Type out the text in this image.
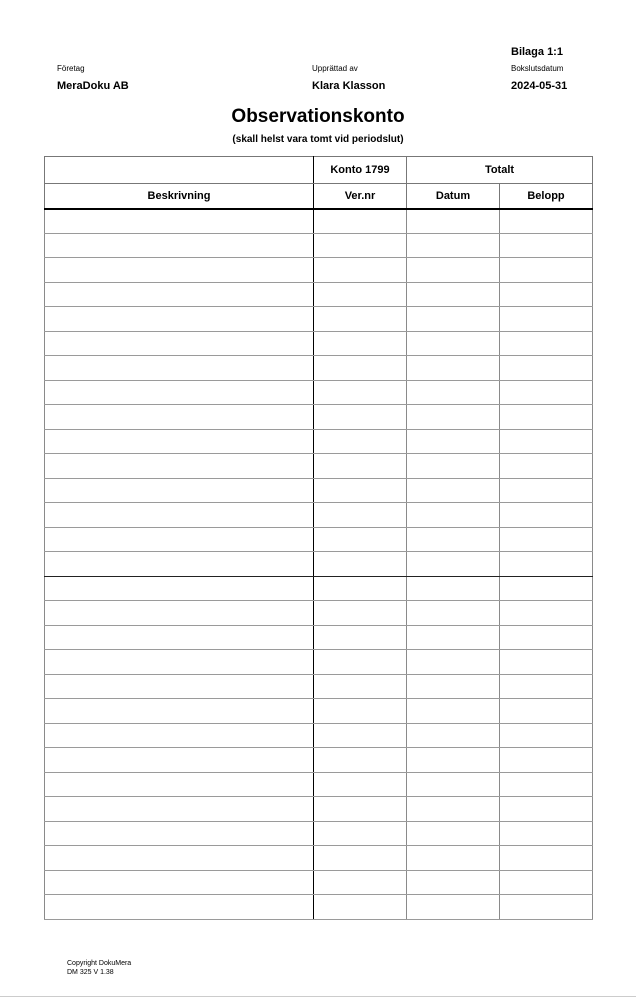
Bilaga 1:1
Företag
MeraDoku AB
Upprättad av
Klara Klasson
Bokslutsdatum
2024-05-31
Observationskonto
(skall helst vara tomt vid periodslut)
	Konto 1799	Totalt	
Beskrivning	Ver.nr	Datum	Belopp

Copyright DokuMera
DM 325 V 1.38
